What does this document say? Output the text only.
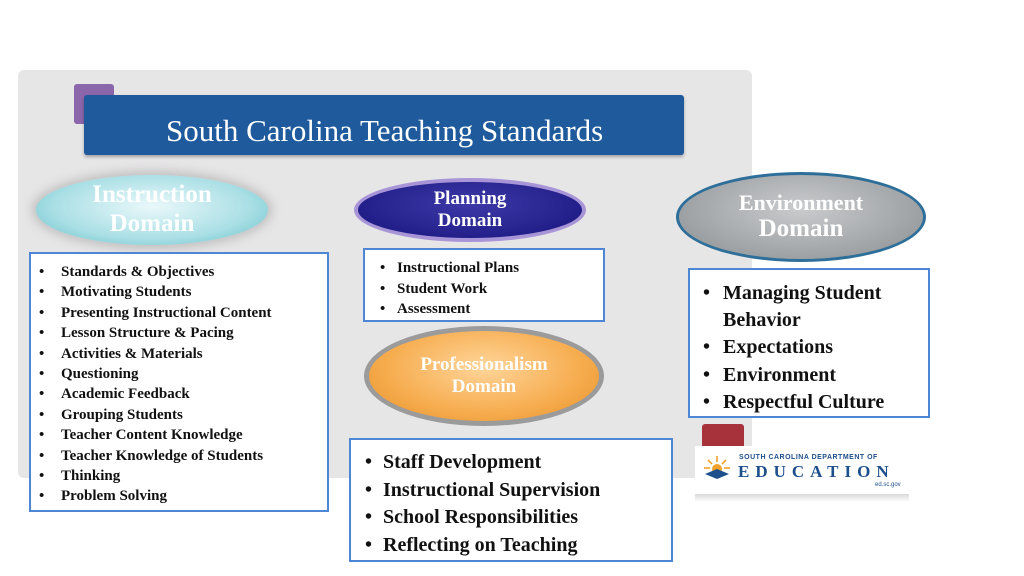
South Carolina Teaching Standards
Instruction
Domain
• Standards & Objectives
• Motivating Students
• Presenting Instructional Content
• Lesson Structure & Pacing
• Activities & Materials
• Questioning
• Academic Feedback
• Grouping Students
• Teacher Content Knowledge
• Teacher Knowledge of Students
• Thinking
• Problem Solving
Planning
Domain
• Instructional Plans
• Student Work
• Assessment
Environment
Domain
• Managing Student Behavior
• Expectations
• Environment
• Respectful Culture
Professionalism
Domain
• Staff Development
• Instructional Supervision
• School Responsibilities
• Reflecting on Teaching
SOUTH CAROLINA DEPARTMENT OF
EDUCATION
ed.sc.gov
